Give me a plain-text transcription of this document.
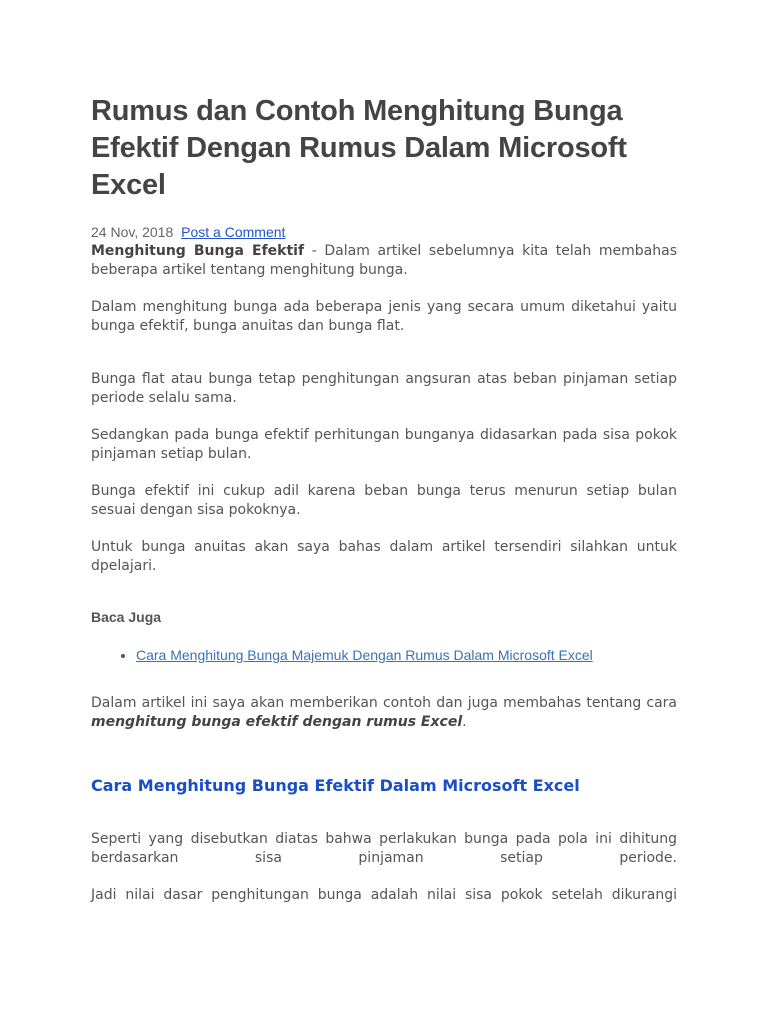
Rumus dan Contoh Menghitung Bunga Efektif Dengan Rumus Dalam Microsoft Excel
24 Nov, 2018 Post a Comment

Menghitung Bunga Efektif - Dalam artikel sebelumnya kita telah membahas beberapa artikel tentang menghitung bunga.

Dalam menghitung bunga ada beberapa jenis yang secara umum diketahui yaitu bunga efektif, bunga anuitas dan bunga flat.

Bunga flat atau bunga tetap penghitungan angsuran atas beban pinjaman setiap periode selalu sama.

Sedangkan pada bunga efektif perhitungan bunganya didasarkan pada sisa pokok pinjaman setiap bulan.

Bunga efektif ini cukup adil karena beban bunga terus menurun setiap bulan sesuai dengan sisa pokoknya.

Untuk bunga anuitas akan saya bahas dalam artikel tersendiri silahkan untuk dpelajari.

Baca Juga
• Cara Menghitung Bunga Majemuk Dengan Rumus Dalam Microsoft Excel

Dalam artikel ini saya akan memberikan contoh dan juga membahas tentang cara menghitung bunga efektif dengan rumus Excel.

Cara Menghitung Bunga Efektif Dalam Microsoft Excel

Seperti yang disebutkan diatas bahwa perlakukan bunga pada pola ini dihitung berdasarkan sisa pinjaman setiap periode.

Jadi nilai dasar penghitungan bunga adalah nilai sisa pokok setelah dikurangi
